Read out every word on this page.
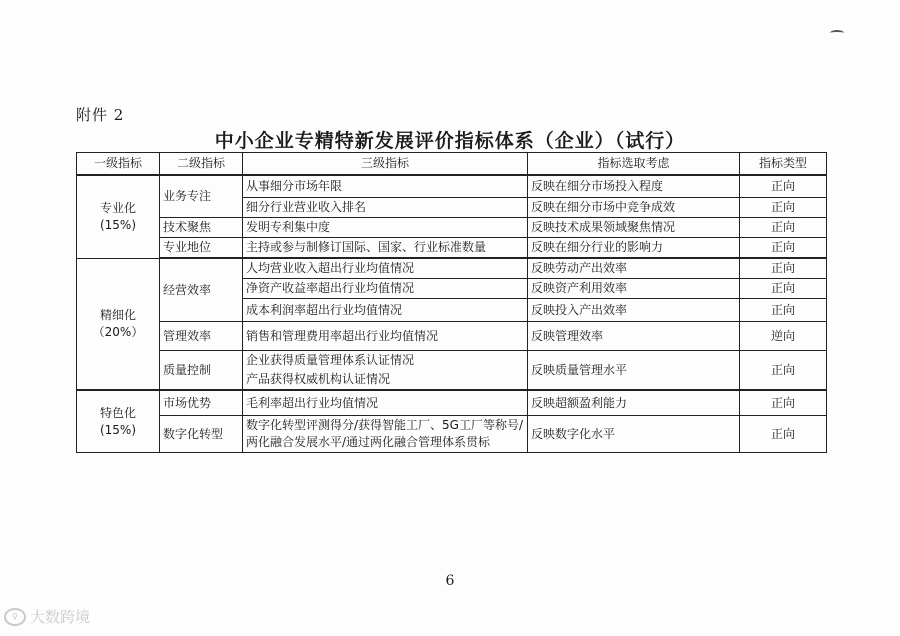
附件 2
中小企业专精特新发展评价指标体系（企业）（试行）
一级指标	二级指标	三级指标	指标选取考虑	指标类型

专业化
(15%)	业务专注	从事细分市场年限	反映在细分市场投入程度	正向
		细分行业营业收入排名	反映在细分市场中竞争成效	正向
	技术聚焦	发明专利集中度	反映技术成果领域聚焦情况	正向
	专业地位	主持或参与制修订国际、国家、行业标准数量	反映在细分行业的影响力	正向

精细化
（20%）	经营效率	人均营业收入超出行业均值情况	反映劳动产出效率	正向
		净资产收益率超出行业均值情况	反映资产利用效率	正向
		成本利润率超出行业均值情况	反映投入产出效率	正向
	管理效率	销售和管理费用率超出行业均值情况	反映管理效率	逆向
	质量控制	企业获得质量管理体系认证情况	反映质量管理水平	正向
		产品获得权威机构认证情况		

特色化
(15%)	市场优势	毛利率超出行业均值情况	反映超额盈利能力	正向
	数字化转型	数字化转型评测得分/获得智能工厂、5G工厂等称号/两化融合发展水平/通过两化融合管理体系贯标	反映数字化水平	正向
6
♀ 大数跨境
